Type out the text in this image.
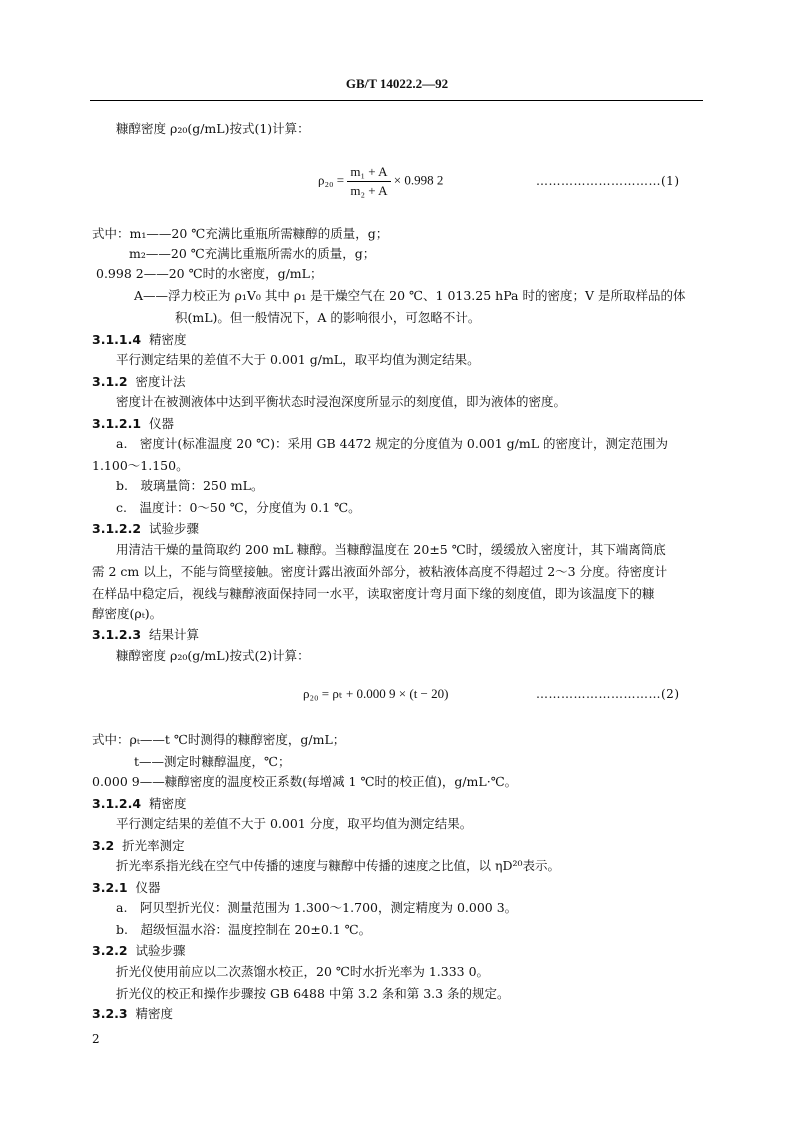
GB/T 14022.2—92
糠醇密度 ρ₂₀(g/mL)按式(1)计算：
$\rho_{20} = \frac{\text{m₁ + A}}{\text{m₂ + A}} \times 0.998$ 2	…………………………(1)
式中：m₁——20 ℃充满比重瓶所需糠醇的质量，g；
m₂——20 ℃充满比重瓶所需水的质量，g；
0.998 2——20 ℃时的水密度，g/mL；
A——浮力校正为 ρ₁V₀ 其中 ρ₁ 是干燥空气在 20 ℃、1 013.25 hPa 时的密度；V 是所取样品的体
积(mL)。但一般情况下，A 的影响很小，可忽略不计。
3.1.1.4 精密度
平行测定结果的差值不大于 0.001 g/mL，取平均值为测定结果。
3.1.2 密度计法
密度计在被测液体中达到平衡状态时浸泡深度所显示的刻度值，即为液体的密度。
3.1.2.1 仪器
a.　密度计(标准温度 20 ℃)：采用 GB 4472 规定的分度值为 0.001 g/mL 的密度计，测定范围为
1.100～1.150。
b.　玻璃量筒：250 mL。
c.　温度计：0～50 ℃，分度值为 0.1 ℃。
3.1.2.2 试验步骤
用清洁干燥的量筒取约 200 mL 糠醇。当糠醇温度在 20±5 ℃时，缓缓放入密度计，其下端离筒底
需 2 cm 以上，不能与筒壁接触。密度计露出液面外部分，被粘液体高度不得超过 2～3 分度。待密度计
在样品中稳定后，视线与糠醇液面保持同一水平，读取密度计弯月面下缘的刻度值，即为该温度下的糠
醇密度(ρₜ)。
3.1.2.3 结果计算
糠醇密度 ρ₂₀(g/mL)按式(2)计算：
ρ₂₀ = ρₜ + 0.000 9 × (t − 20)	…………………………(2)
式中：ρₜ——t ℃时测得的糠醇密度，g/mL；
t——测定时糠醇温度，℃；
0.000 9——糠醇密度的温度校正系数(每增减 1 ℃时的校正值)，g/mL·℃。
3.1.2.4 精密度
平行测定结果的差值不大于 0.001 分度，取平均值为测定结果。
3.2 折光率测定
折光率系指光线在空气中传播的速度与糠醇中传播的速度之比值，以 ηD²⁰表示。
3.2.1 仪器
a.　阿贝型折光仪：测量范围为 1.300～1.700，测定精度为 0.000 3。
b.　超级恒温水浴：温度控制在 20±0.1 ℃。
3.2.2 试验步骤
折光仪使用前应以二次蒸馏水校正，20 ℃时水折光率为 1.333 0。
折光仪的校正和操作步骤按 GB 6488 中第 3.2 条和第 3.3 条的规定。
3.2.3 精密度
2
